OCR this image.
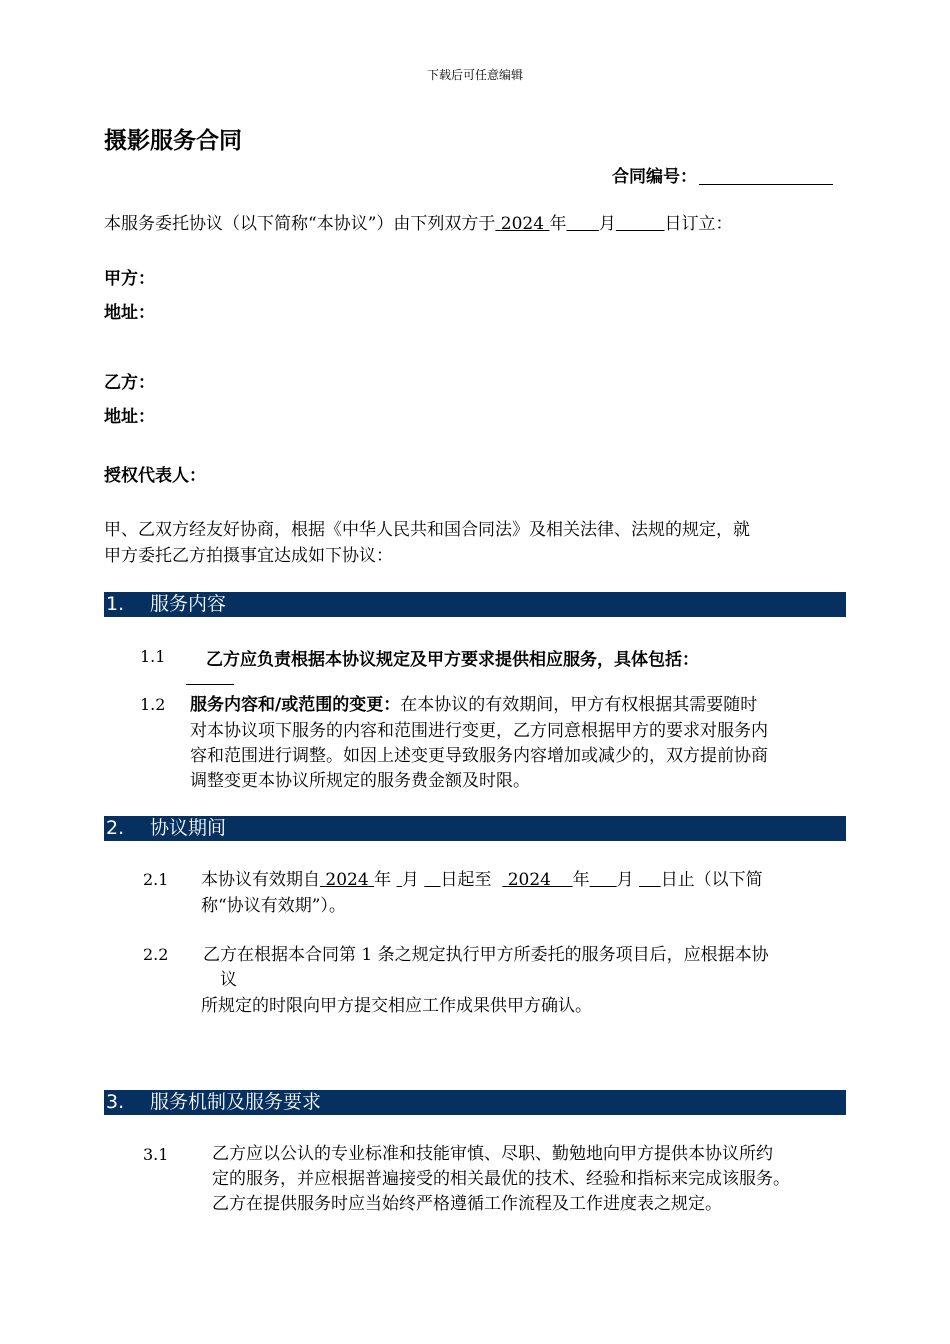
下载后可任意编辑
摄影服务合同
合同编号：
本服务委托协议（以下简称“本协议”）由下列双方于 2024 年 月	日订立：
甲方：
地址：
乙方：
地址：
授权代表人：
甲、乙双方经友好协商，根据《中华人民共和国合同法》及相关法律、法规的规定，就
甲方委托乙方拍摄事宜达成如下协议：
1. 服务内容
1.1 乙方应负责根据本协议规定及甲方要求提供相应服务，具体包括：
1.2 服务内容和/或范围的变更：在本协议的有效期间，甲方有权根据其需要随时
对本协议项下服务的内容和范围进行变更，乙方同意根据甲方的要求对服务内
容和范围进行调整。如因上述变更导致服务内容增加或减少的，双方提前协商
调整变更本协议所规定的服务费金额及时限。
2. 协议期间
2.1 本协议有效期自 2024 年 月 日起至 2024 年 月 日止（以下简
称“协议有效期”）。
2.2 乙方在根据本合同第 1 条之规定执行甲方所委托的服务项目后，应根据本协
议
所规定的时限向甲方提交相应工作成果供甲方确认。
3. 服务机制及服务要求
3.1	乙方应以公认的专业标准和技能审慎、尽职、勤勉地向甲方提供本协议所约
定的服务，并应根据普遍接受的相关最优的技术、经验和指标来完成该服务。
乙方在提供服务时应当始终严格遵循工作流程及工作进度表之规定。
